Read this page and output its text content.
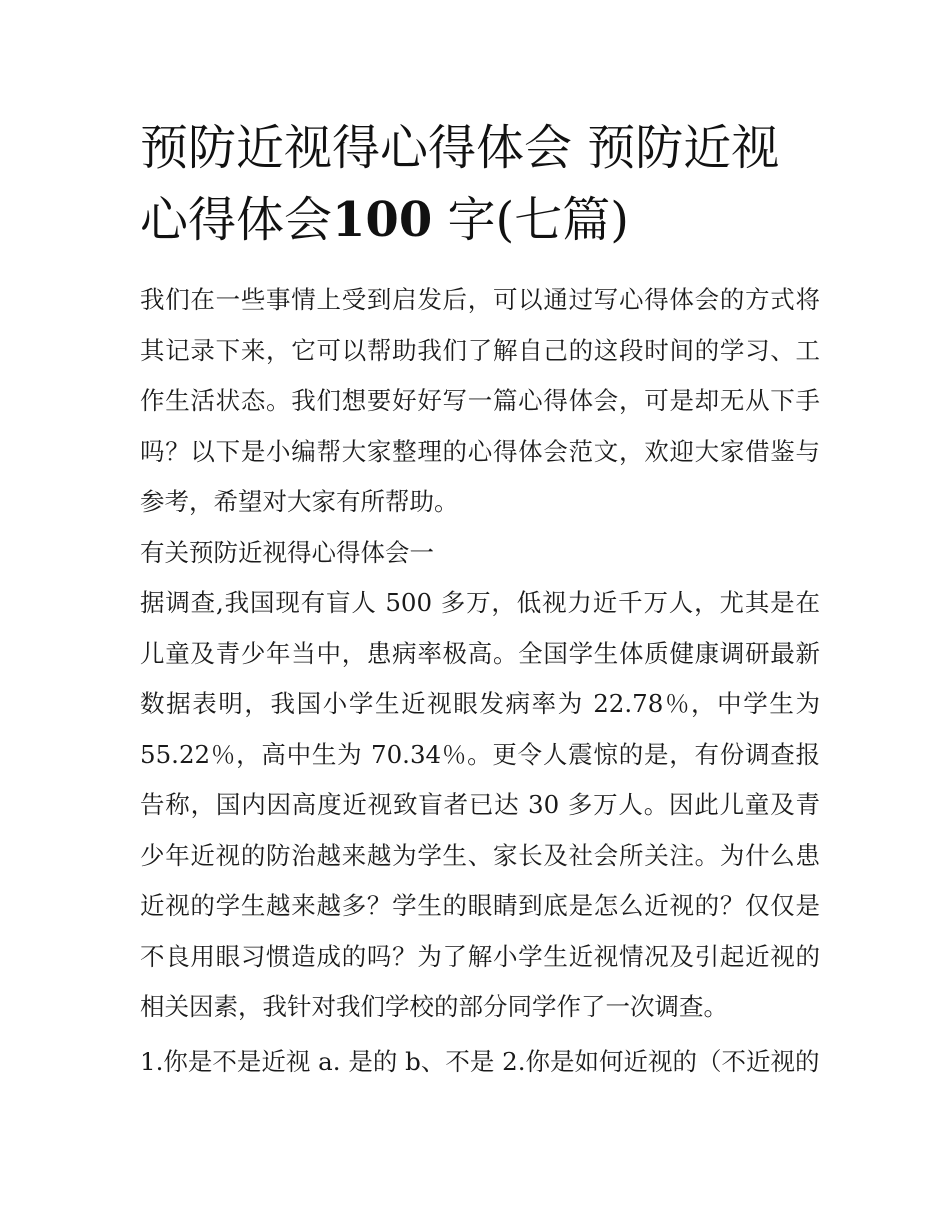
预防近视得心得体会 预防近视心得体会100 字(七篇)

我们在一些事情上受到启发后，可以通过写心得体会的方式将其记录下来，它可以帮助我们了解自己的这段时间的学习、工作生活状态。我们想要好好写一篇心得体会，可是却无从下手吗？以下是小编帮大家整理的心得体会范文，欢迎大家借鉴与参考，希望对大家有所帮助。

有关预防近视得心得体会一

据调查,我国现有盲人 500 多万，低视力近千万人，尤其是在儿童及青少年当中，患病率极高。全国学生体质健康调研最新数据表明，我国小学生近视眼发病率为 22.78％，中学生为 55.22％，高中生为 70.34％。更令人震惊的是，有份调查报告称，国内因高度近视致盲者已达 30 多万人。因此儿童及青少年近视的防治越来越为学生、家长及社会所关注。为什么患近视的学生越来越多？学生的眼睛到底是怎么近视的？仅仅是不良用眼习惯造成的吗？为了解小学生近视情况及引起近视的相关因素，我针对我们学校的部分同学作了一次调查。

1.你是不是近视 a. 是的 b、不是 2.你是如何近视的（不近视的
